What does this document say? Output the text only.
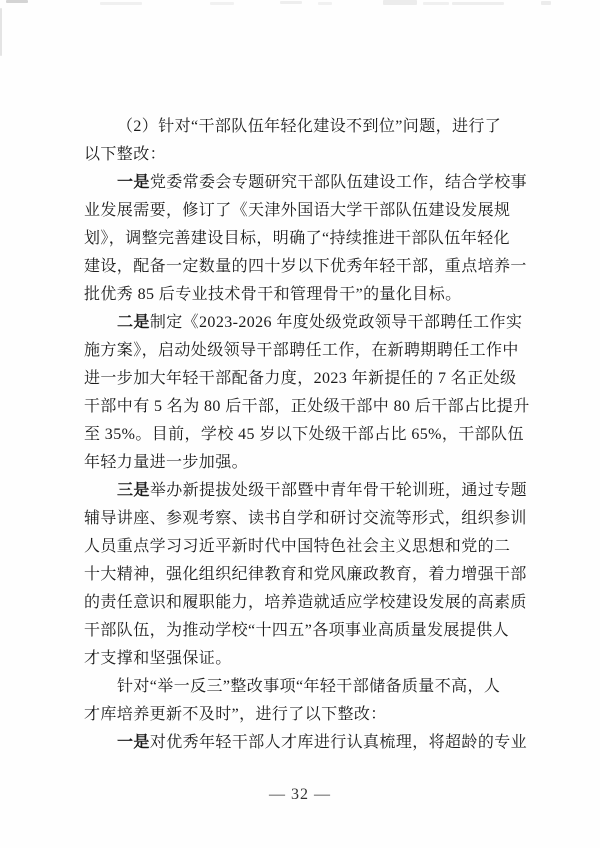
（2）针对“干部队伍年轻化建设不到位”问题，进行了
以下整改：
一是党委常委会专题研究干部队伍建设工作，结合学校事
业发展需要，修订了《天津外国语大学干部队伍建设发展规
划》，调整完善建设目标，明确了“持续推进干部队伍年轻化
建设，配备一定数量的四十岁以下优秀年轻干部，重点培养一
批优秀 85 后专业技术骨干和管理骨干”的量化目标。
二是制定《2023-2026 年度处级党政领导干部聘任工作实
施方案》，启动处级领导干部聘任工作，在新聘期聘任工作中
进一步加大年轻干部配备力度，2023 年新提任的 7 名正处级
干部中有 5 名为 80 后干部，正处级干部中 80 后干部占比提升
至 35%。目前，学校 45 岁以下处级干部占比 65%，干部队伍
年轻力量进一步加强。
三是举办新提拔处级干部暨中青年骨干轮训班，通过专题
辅导讲座、参观考察、读书自学和研讨交流等形式，组织参训
人员重点学习习近平新时代中国特色社会主义思想和党的二
十大精神，强化组织纪律教育和党风廉政教育，着力增强干部
的责任意识和履职能力，培养造就适应学校建设发展的高素质
干部队伍，为推动学校“十四五”各项事业高质量发展提供人
才支撑和坚强保证。
针对“举一反三”整改事项“年轻干部储备质量不高，人
才库培养更新不及时”，进行了以下整改：
一是对优秀年轻干部人才库进行认真梳理，将超龄的专业
— 32 —
